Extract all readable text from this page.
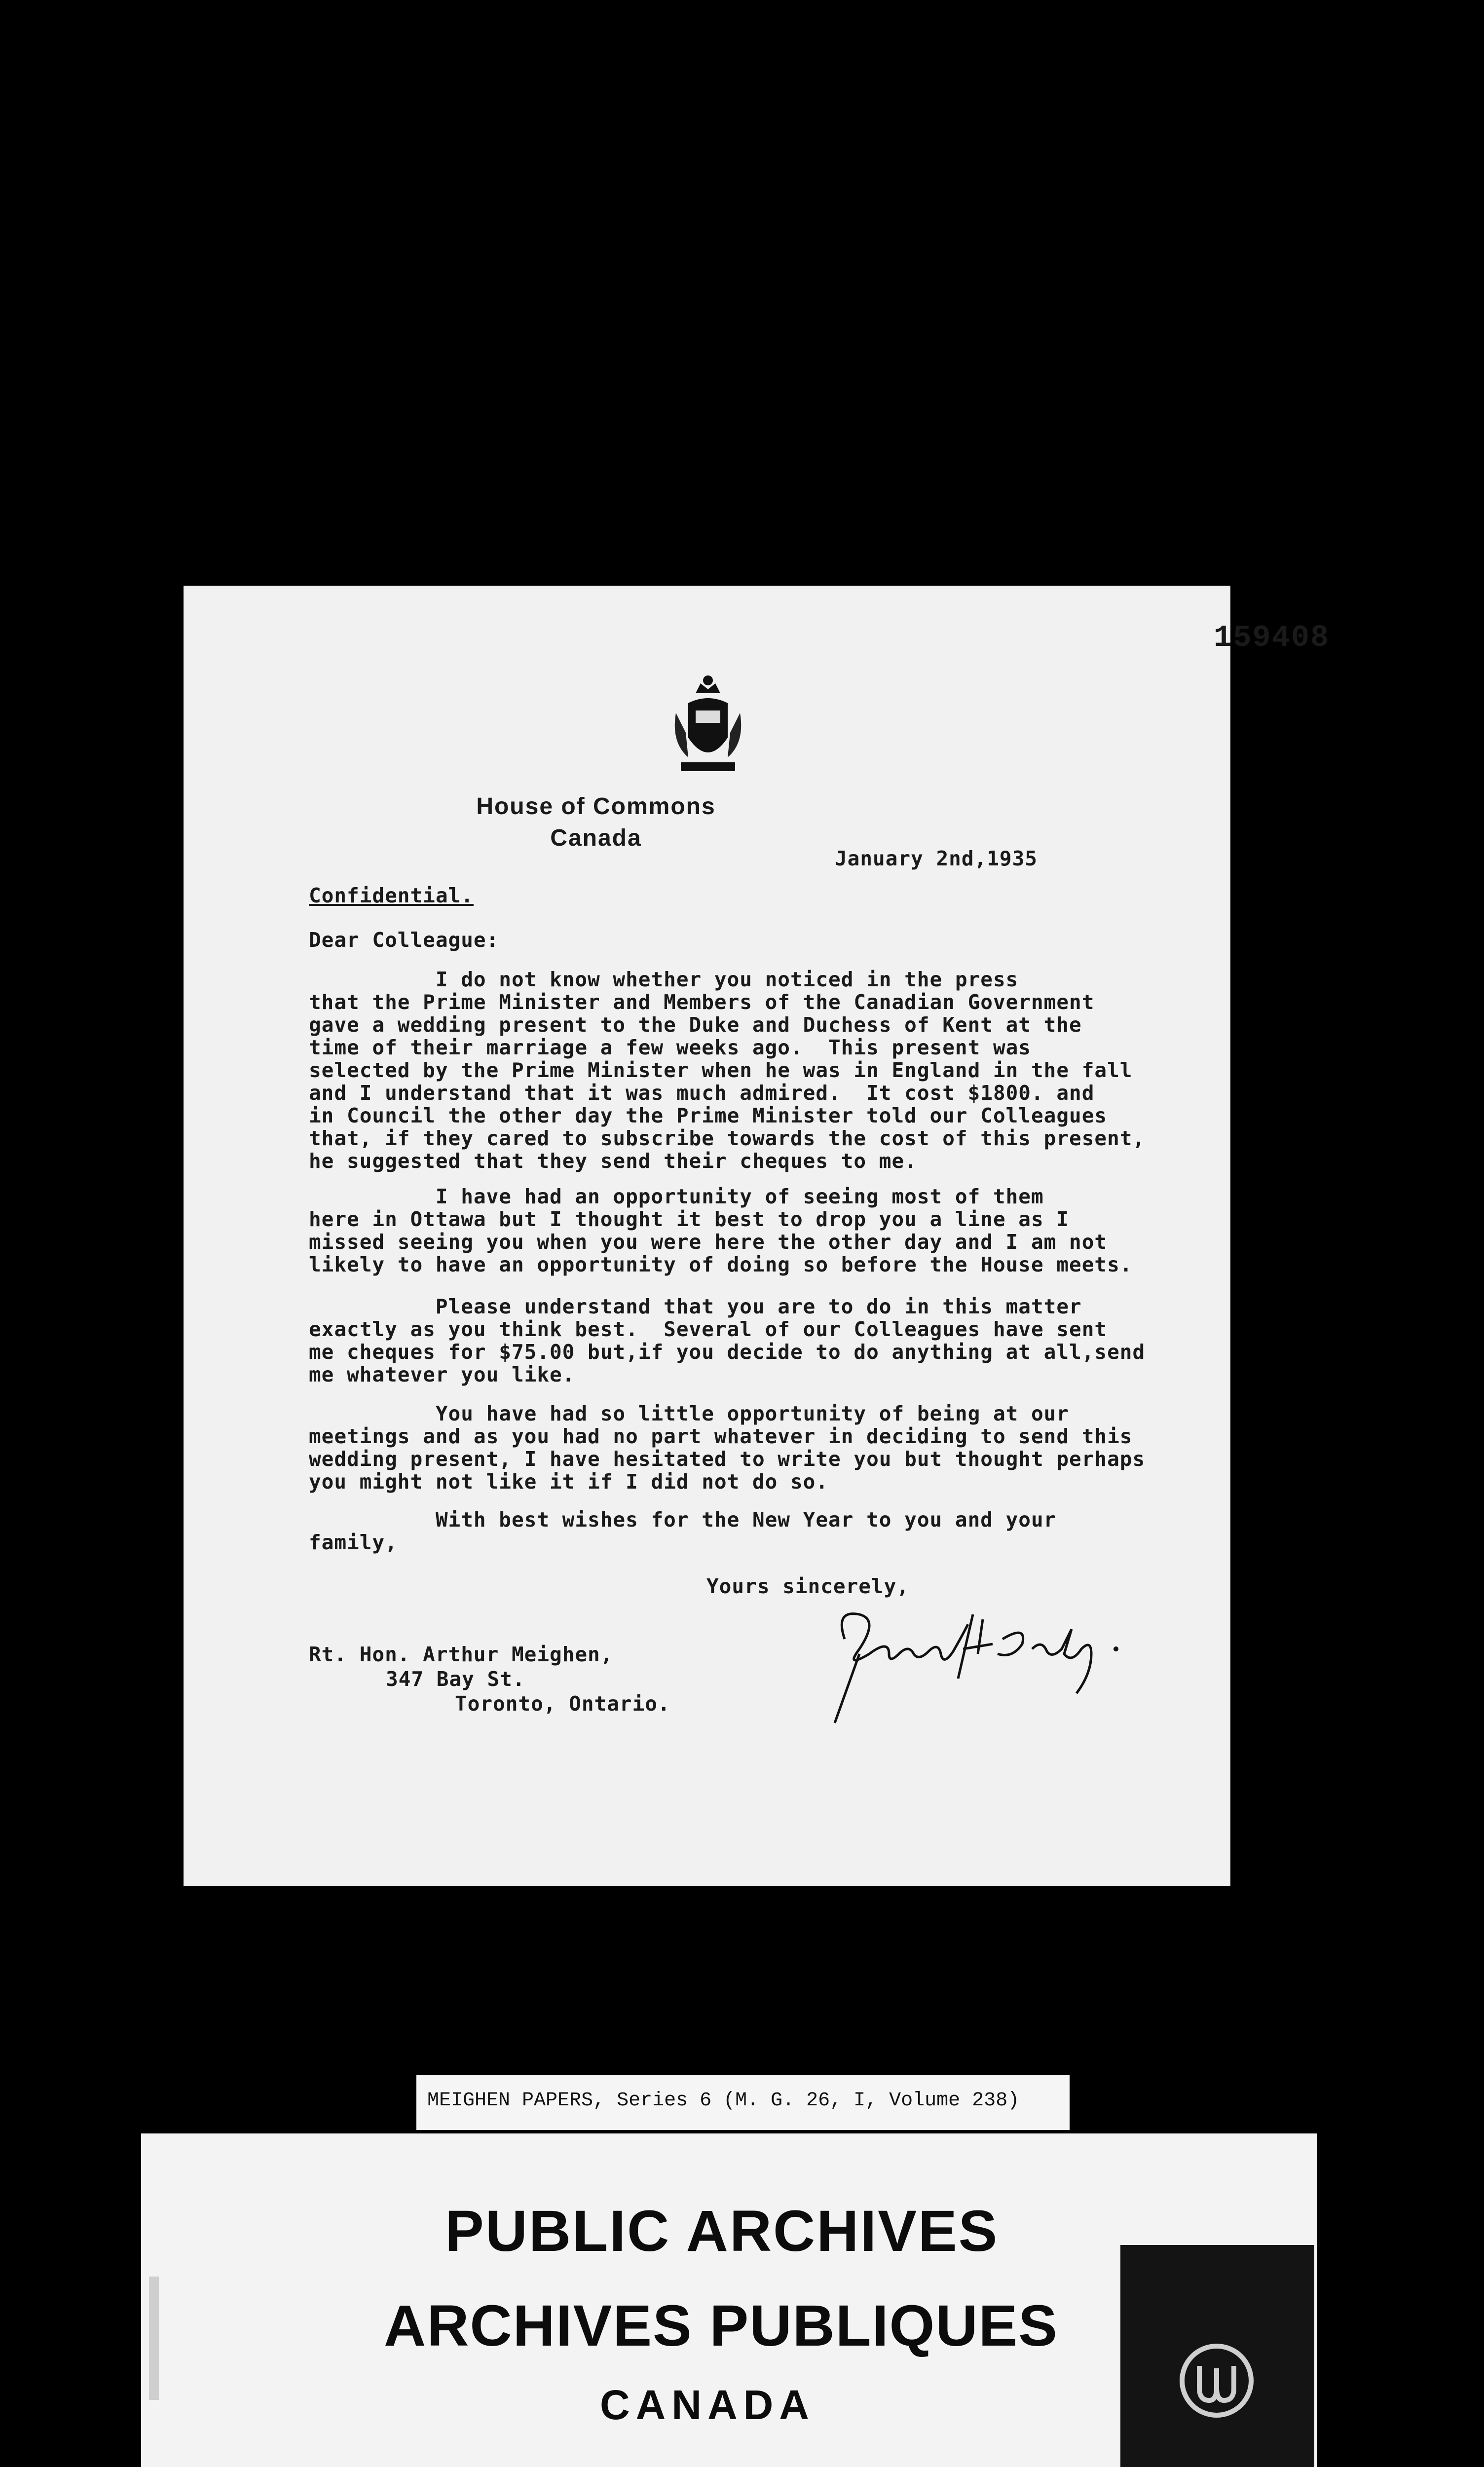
159408
House of Commons
Canada
January 2nd,1935
Confidential.
Dear Colleague:
I do not know whether you noticed in the press
that the Prime Minister and Members of the Canadian Government
gave a wedding present to the Duke and Duchess of Kent at the
time of their marriage a few weeks ago.  This present was
selected by the Prime Minister when he was in England in the fall
and I understand that it was much admired.  It cost $1800. and
in Council the other day the Prime Minister told our Colleagues
that, if they cared to subscribe towards the cost of this present,
he suggested that they send their cheques to me.
I have had an opportunity of seeing most of them
here in Ottawa but I thought it best to drop you a line as I
missed seeing you when you were here the other day and I am not
likely to have an opportunity of doing so before the House meets.
Please understand that you are to do in this matter
exactly as you think best.  Several of our Colleagues have sent
me cheques for $75.00 but,if you decide to do anything at all,send
me whatever you like.
You have had so little opportunity of being at our
meetings and as you had no part whatever in deciding to send this
wedding present, I have hesitated to write you but thought perhaps
you might not like it if I did not do so.
With best wishes for the New Year to you and your
family,
Yours sincerely,
Rt. Hon. Arthur Meighen,
347 Bay St.
Toronto, Ontario.
MEIGHEN PAPERS, Series 6 (M. G. 26, I, Volume 238)
PUBLIC ARCHIVES
ARCHIVES PUBLIQUES
CANADA
